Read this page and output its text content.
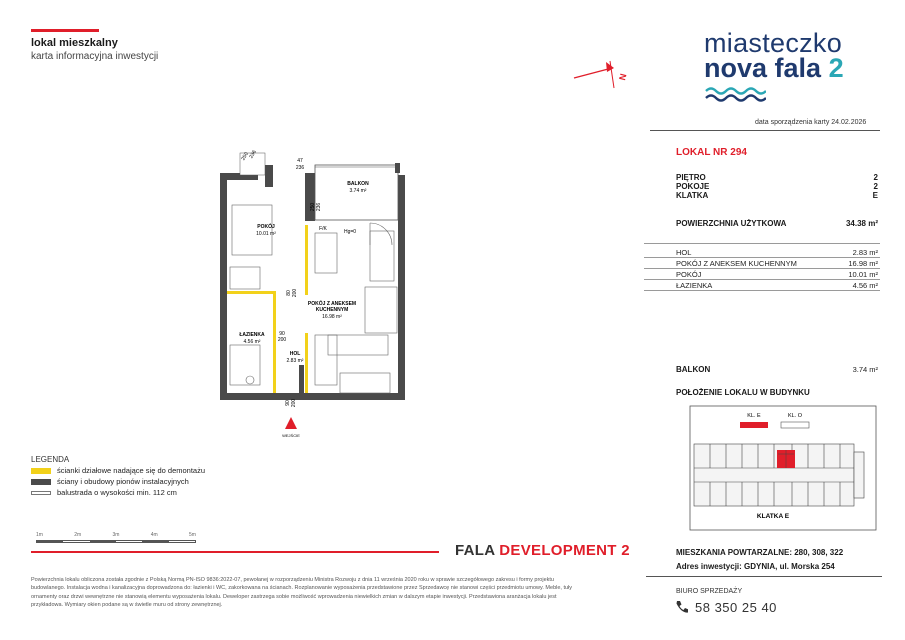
lokal mieszkalny
karta informacyjna inwestycji	miasteczko
nova fala 2
N
data sporządzenia karty 24.02.2026
LOKAL NR 294
PIĘTRO	2
POKOJE	2
KLATKA	E
POWIERZCHNIA UŻYTKOWA	34.38 m²
HOL	2.83 m²
POKÓJ Z ANEKSEM KUCHENNYM	16.98 m²
POKÓJ	10.01 m²
ŁAZIENKA	4.56 m²
BALKON	3.74 m²
POŁOŻENIE LOKALU W BUDYNKU
KL. E	KL. O
KLATKA E
BALKON
3.74 m²
POKÓJ
10.01 m²
POKÓJ Z ANEKSEM
KUCHENNYM
16.98 m²
ŁAZIENKA
4.56 m²
HOL
2.83 m²
F/K	Hg=0
80 200
90
200
90 200
250 236
47
236
250
236
WEJŚCIE
LEGENDA
ścianki działowe nadające się do demontażu
ściany i obudowy pionów instalacyjnych
balustrada o wysokości min. 112 cm
1m	2m	3m	4m	5m
FALA DEVELOPMENT 2
Powierzchnia lokalu obliczona została zgodnie z Polską Normą PN-ISO 9836:2022-07, pewołanej w rozporządzeniu Ministra Rozwoju z dnia 11 września 2020 roku w sprawie szczegółowego zakresu i formy projektu budowlanego. Instalacja wodna i kanalizacyjna doprowadzona do: łazienki i WC, zakorkowana na ścianach. Rozplanowanie wyposażenia przedstawione przez Sprzedawcę nie stanowi części przedmiotu umowy. Meble, tuły ornamenty oraz drzwi wewnętrzne nie stanowią elementu wyposażenia lokalu. Deweloper zastrzega sobie możliwość wprowadzenia niewielkich zmian w dalszym etapie inwestycji. Przedstawiona aranżacja lokalu jest przykładowa. Wymiary okien podane są w świetle muru od strony zewnętrznej.
MIESZKANIA POWTARZALNE: 280, 308, 322
Adres inwestycji: GDYNIA, ul. Morska 254
BIURO SPRZEDAŻY
58 350 25 40
